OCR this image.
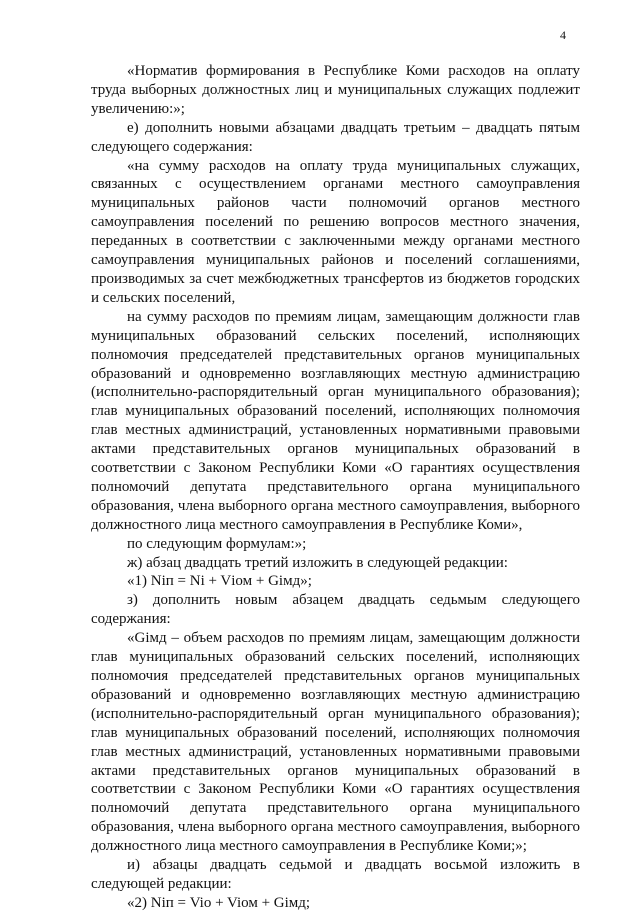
4

«Норматив формирования в Республике Коми расходов на оплату труда выборных должностных лиц и муниципальных служащих подлежит увеличению:»;

е) дополнить новыми абзацами двадцать третьим – двадцать пятым следующего содержания:

«на сумму расходов на оплату труда муниципальных служащих, связанных с осуществлением органами местного самоуправления муниципальных районов части полномочий органов местного самоуправления поселений по решению вопросов местного значения, переданных в соответствии с заключенными между органами местного самоуправления муниципальных районов и поселений соглашениями, производимых за счет межбюджетных трансфертов из бюджетов городских и сельских поселений,

на сумму расходов по премиям лицам, замещающим должности глав муниципальных образований сельских поселений, исполняющих полномочия председателей представительных органов муниципальных образований и одновременно возглавляющих местную администрацию (исполнительно-распорядительный орган муниципального образования); глав муниципальных образований поселений, исполняющих полномочия глав местных администраций, установленных нормативными правовыми актами представительных органов муниципальных образований в соответствии с Законом Республики Коми «О гарантиях осуществления полномочий депутата представительного органа муниципального образования, члена выборного органа местного самоуправления, выборного должностного лица местного самоуправления в Республике Коми»,

по следующим формулам:»;

ж) абзац двадцать третий изложить в следующей редакции:

«1) Nіп = Ni + Vіом + Gімд»;

з) дополнить новым абзацем двадцать седьмым следующего содержания:

«Gімд – объем расходов по премиям лицам, замещающим должности глав муниципальных образований сельских поселений, исполняющих полномочия председателей представительных органов муниципальных образований и одновременно возглавляющих местную администрацию (исполнительно-распорядительный орган муниципального образования); глав муниципальных образований поселений, исполняющих полномочия глав местных администраций, установленных нормативными правовыми актами представительных органов муниципальных образований в соответствии с Законом Республики Коми «О гарантиях осуществления полномочий депутата представительного органа муниципального образования, члена выборного органа местного самоуправления, выборного должностного лица местного самоуправления в Республике Коми;»;

и) абзацы двадцать седьмой и двадцать восьмой изложить в следующей редакции:

«2) Niп = Vio + Viом + Gімд;
